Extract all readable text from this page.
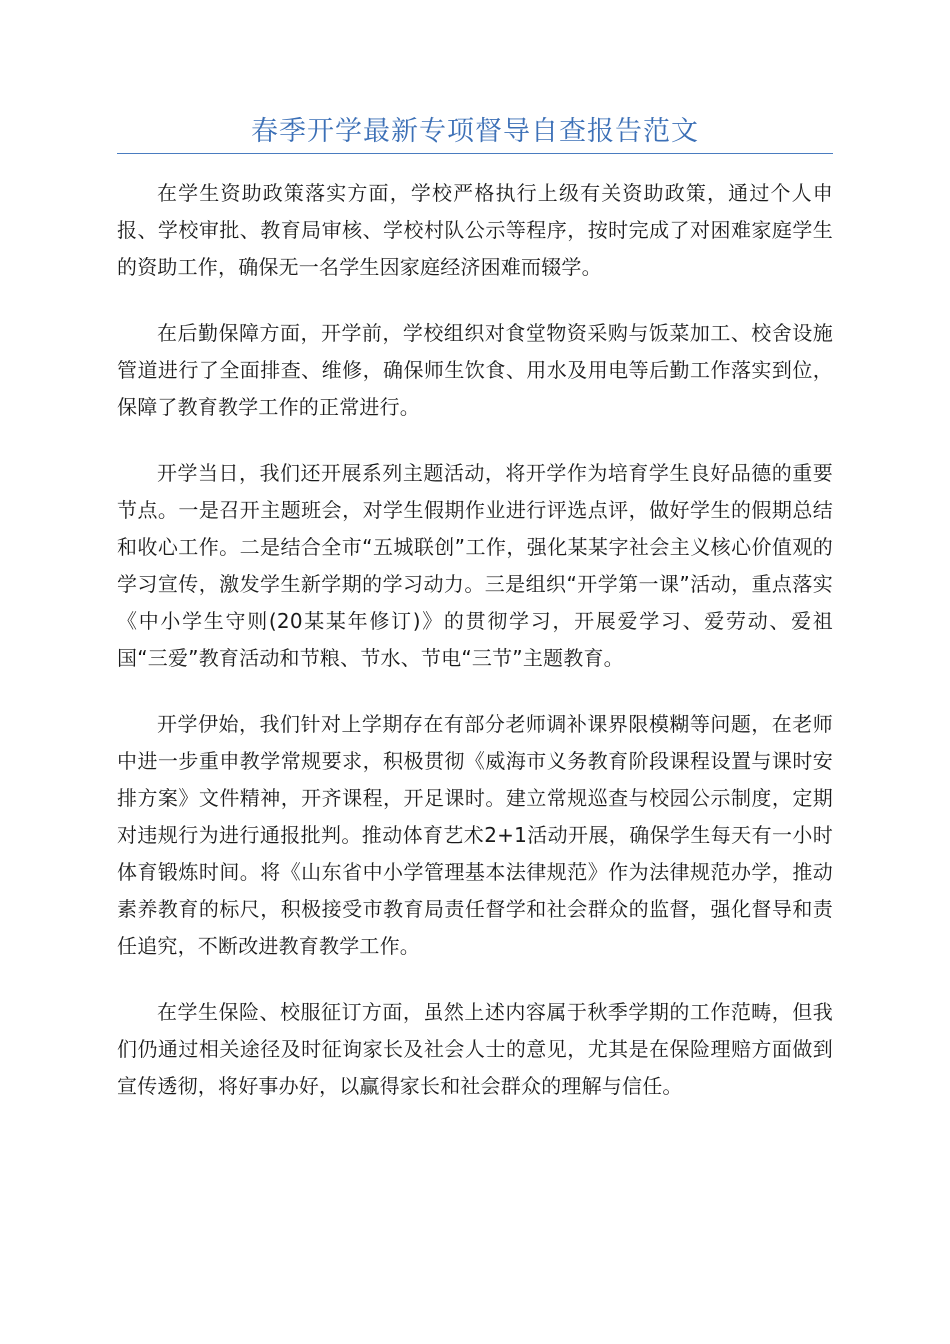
春季开学最新专项督导自查报告范文

在学生资助政策落实方面，学校严格执行上级有关资助政策，通过个人申报、学校审批、教育局审核、学校村队公示等程序，按时完成了对困难家庭学生的资助工作，确保无一名学生因家庭经济困难而辍学。

在后勤保障方面，开学前，学校组织对食堂物资采购与饭菜加工、校舍设施管道进行了全面排查、维修，确保师生饮食、用水及用电等后勤工作落实到位，保障了教育教学工作的正常进行。

开学当日，我们还开展系列主题活动，将开学作为培育学生良好品德的重要节点。一是召开主题班会，对学生假期作业进行评选点评，做好学生的假期总结和收心工作。二是结合全市“五城联创”工作，强化某某字社会主义核心价值观的学习宣传，激发学生新学期的学习动力。三是组织“开学第一课”活动，重点落实《中小学生守则(20某某年修订)》的贯彻学习，开展爱学习、爱劳动、爱祖国“三爱”教育活动和节粮、节水、节电“三节”主题教育。

开学伊始，我们针对上学期存在有部分老师调补课界限模糊等问题，在老师中进一步重申教学常规要求，积极贯彻《威海市义务教育阶段课程设置与课时安排方案》文件精神，开齐课程，开足课时。建立常规巡查与校园公示制度，定期对违规行为进行通报批判。推动体育艺术2+1活动开展，确保学生每天有一小时体育锻炼时间。将《山东省中小学管理基本法律规范》作为法律规范办学，推动素养教育的标尺，积极接受市教育局责任督学和社会群众的监督，强化督导和责任追究，不断改进教育教学工作。

在学生保险、校服征订方面，虽然上述内容属于秋季学期的工作范畴，但我们仍通过相关途径及时征询家长及社会人士的意见，尤其是在保险理赔方面做到宣传透彻，将好事办好，以赢得家长和社会群众的理解与信任。
